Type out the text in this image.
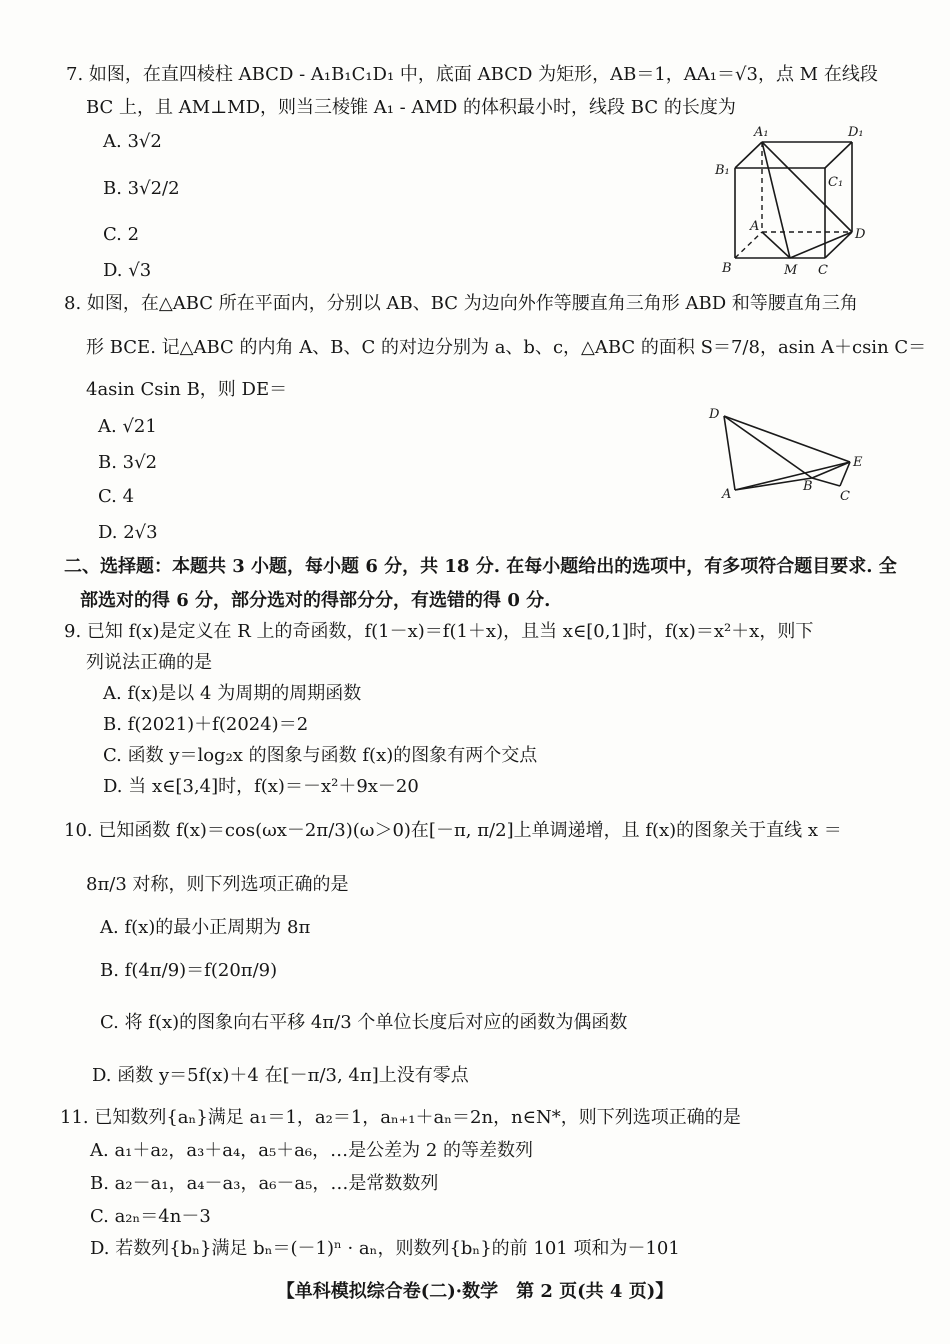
7. 如图，在直四棱柱 ABCD - A₁B₁C₁D₁ 中，底面 ABCD 为矩形，AB＝1，AA₁＝√3，点 M 在线段
BC 上，且 AM⊥MD，则当三棱锥 A₁ - AMD 的体积最小时，线段 BC 的长度为
A. 3√2
B. 3√2/2
C. 2
D. √3
A₁	D₁
B₁
C₁
A
D
B	M C
8. 如图，在△ABC 所在平面内，分别以 AB、BC 为边向外作等腰直角三角形 ABD 和等腰直角三角
形 BCE. 记△ABC 的内角 A、B、C 的对边分别为 a、b、c，△ABC 的面积 S＝7/8，asin A＋csin C＝
4asin Csin B，则 DE＝
A. √21
B. 3√2
C. 4
D. 2√3
D
E
A
B
C
二、选择题：本题共 3 小题，每小题 6 分，共 18 分. 在每小题给出的选项中，有多项符合题目要求. 全
部选对的得 6 分，部分选对的得部分分，有选错的得 0 分.
9. 已知 f(x)是定义在 R 上的奇函数，f(1－x)＝f(1＋x)，且当 x∈[0,1]时，f(x)＝x²＋x，则下
列说法正确的是
A. f(x)是以 4 为周期的周期函数
B. f(2021)＋f(2024)＝2
C. 函数 y＝log₂x 的图象与函数 f(x)的图象有两个交点
D. 当 x∈[3,4]时，f(x)＝－x²＋9x－20
10. 已知函数 f(x)＝cos(ωx－2π/3)(ω＞0)在[－π, π/2]上单调递增，且 f(x)的图象关于直线 x ＝
8π/3 对称，则下列选项正确的是
A. f(x)的最小正周期为 8π
B. f(4π/9)＝f(20π/9)
C. 将 f(x)的图象向右平移 4π/3 个单位长度后对应的函数为偶函数
D. 函数 y＝5f(x)＋4 在[－π/3, 4π]上没有零点
11. 已知数列{aₙ}满足 a₁＝1，a₂＝1，aₙ₊₁＋aₙ＝2n，n∈N*，则下列选项正确的是
A. a₁＋a₂，a₃＋a₄，a₅＋a₆，…是公差为 2 的等差数列
B. a₂－a₁，a₄－a₃，a₆－a₅，…是常数数列
C. a₂ₙ＝4n－3
D. 若数列{bₙ}满足 bₙ＝(－1)ⁿ · aₙ，则数列{bₙ}的前 101 项和为－101
【单科模拟综合卷(二)·数学　第 2 页(共 4 页)】
